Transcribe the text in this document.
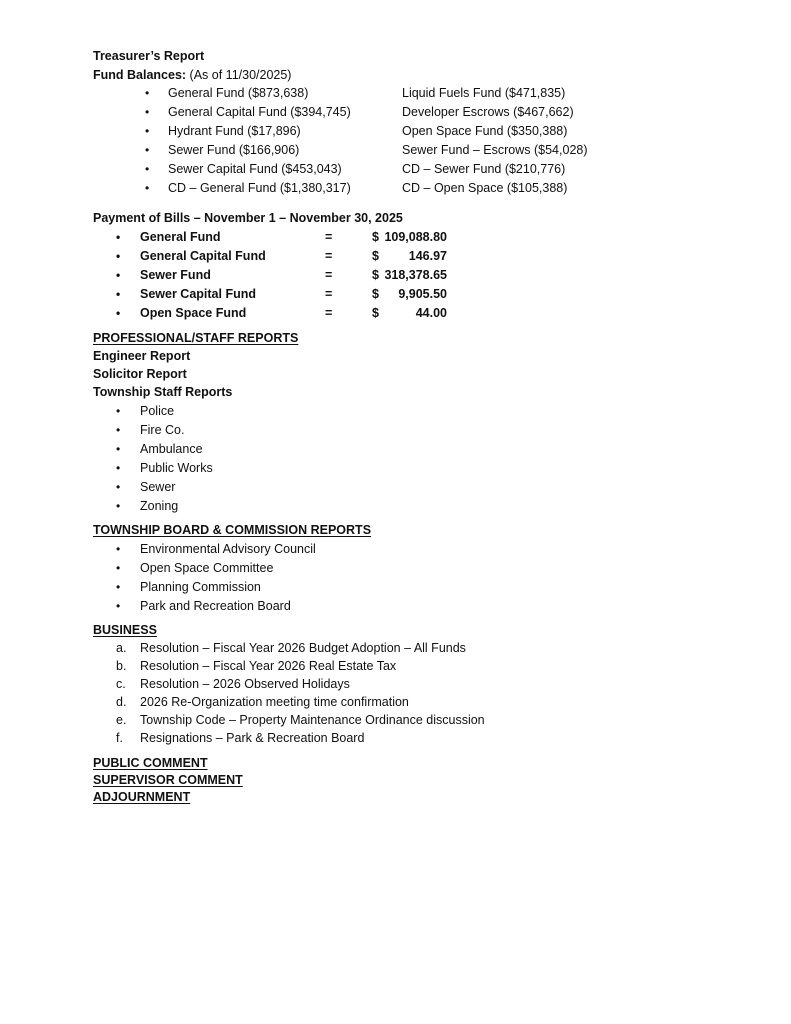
Treasurer’s Report
Fund Balances: (As of 11/30/2025)
• General Fund ($873,638)	Liquid Fuels Fund ($471,835)
• General Capital Fund ($394,745)	Developer Escrows ($467,662)
• Hydrant Fund ($17,896)	Open Space Fund ($350,388)
• Sewer Fund ($166,906)	Sewer Fund – Escrows ($54,028)
• Sewer Capital Fund ($453,043)	CD – Sewer Fund ($210,776)
• CD – General Fund ($1,380,317)	CD – Open Space ($105,388)
Payment of Bills – November 1 – November 30, 2025
• General Fund	=	$ 109,088.80
• General Capital Fund	=	$ 146.97
• Sewer Fund	=	$ 318,378.65
• Sewer Capital Fund	=	$ 9,905.50
• Open Space Fund	=	$	44.00
PROFESSIONAL/STAFF REPORTS
Engineer Report
Solicitor Report
Township Staff Reports
• Police
• Fire Co.
• Ambulance
• Public Works
• Sewer
• Zoning
TOWNSHIP BOARD & COMMISSION REPORTS
• Environmental Advisory Council
• Open Space Committee
• Planning Commission
• Park and Recreation Board
BUSINESS
a. Resolution – Fiscal Year 2026 Budget Adoption – All Funds
b. Resolution – Fiscal Year 2026 Real Estate Tax
c. Resolution – 2026 Observed Holidays
d. 2026 Re-Organization meeting time confirmation
e. Township Code – Property Maintenance Ordinance discussion
f. Resignations – Park & Recreation Board
PUBLIC COMMENT
SUPERVISOR COMMENT
ADJOURNMENT
